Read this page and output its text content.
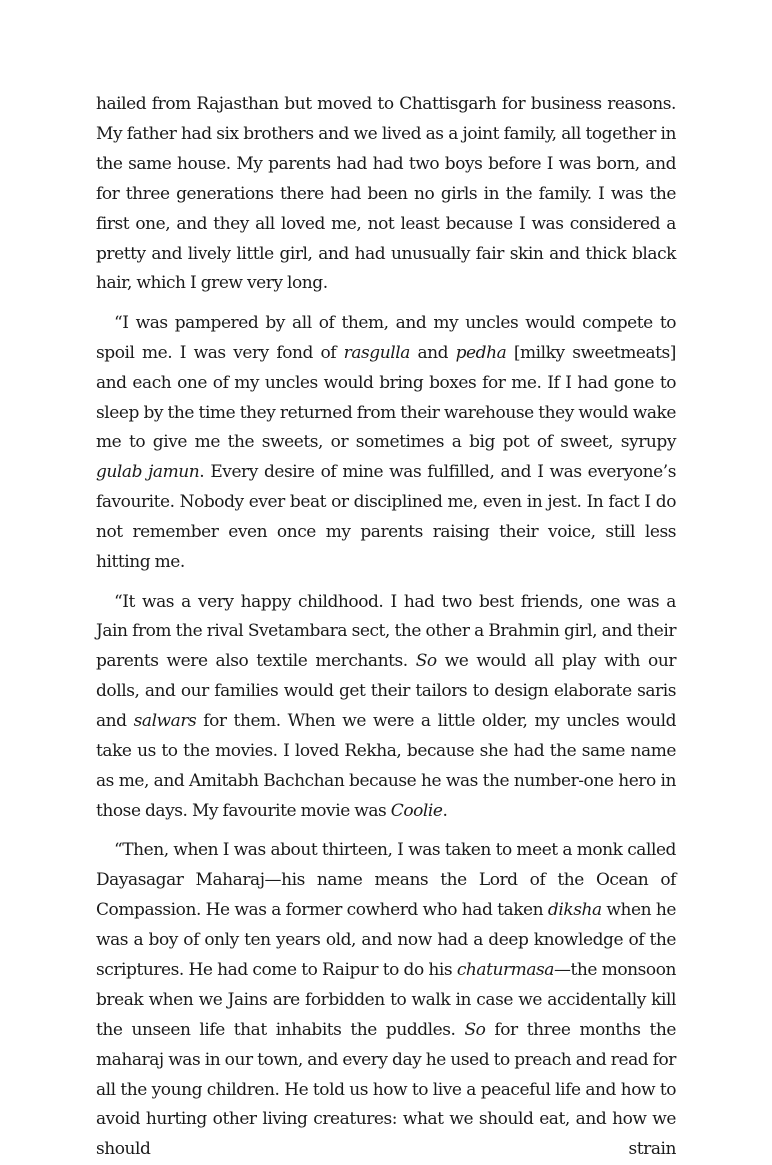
hailed from Rajasthan but moved to Chattisgarh for business reasons. My father had six brothers and we lived as a joint family, all together in the same house. My parents had had two boys before I was born, and for three generations there had been no girls in the family. I was the first one, and they all loved me, not least because I was considered a pretty and lively little girl, and had unusually fair skin and thick black hair, which I grew very long.

“I was pampered by all of them, and my uncles would compete to spoil me. I was very fond of rasgulla and pedha [milky sweetmeats] and each one of my uncles would bring boxes for me. If I had gone to sleep by the time they returned from their warehouse they would wake me to give me the sweets, or sometimes a big pot of sweet, syrupy gulab jamun. Every desire of mine was fulfilled, and I was everyone’s favourite. Nobody ever beat or disciplined me, even in jest. In fact I do not remember even once my parents raising their voice, still less hitting me.

“It was a very happy childhood. I had two best friends, one was a Jain from the rival Svetambara sect, the other a Brahmin girl, and their parents were also textile merchants. So we would all play with our dolls, and our families would get their tailors to design elaborate saris and salwars for them. When we were a little older, my uncles would take us to the movies. I loved Rekha, because she had the same name as me, and Amitabh Bachchan because he was the number-one hero in those days. My favourite movie was Coolie.

“Then, when I was about thirteen, I was taken to meet a monk called Dayasagar Maharaj—his name means the Lord of the Ocean of Compassion. He was a former cowherd who had taken diksha when he was a boy of only ten years old, and now had a deep knowledge of the scriptures. He had come to Raipur to do his chaturmasa—the monsoon break when we Jains are forbidden to walk in case we accidentally kill the unseen life that inhabits the puddles. So for three months the maharaj was in our town, and every day he used to preach and read for all the young children. He told us how to live a peaceful life and how to avoid hurting other living creatures: what we should eat, and how we should strain
